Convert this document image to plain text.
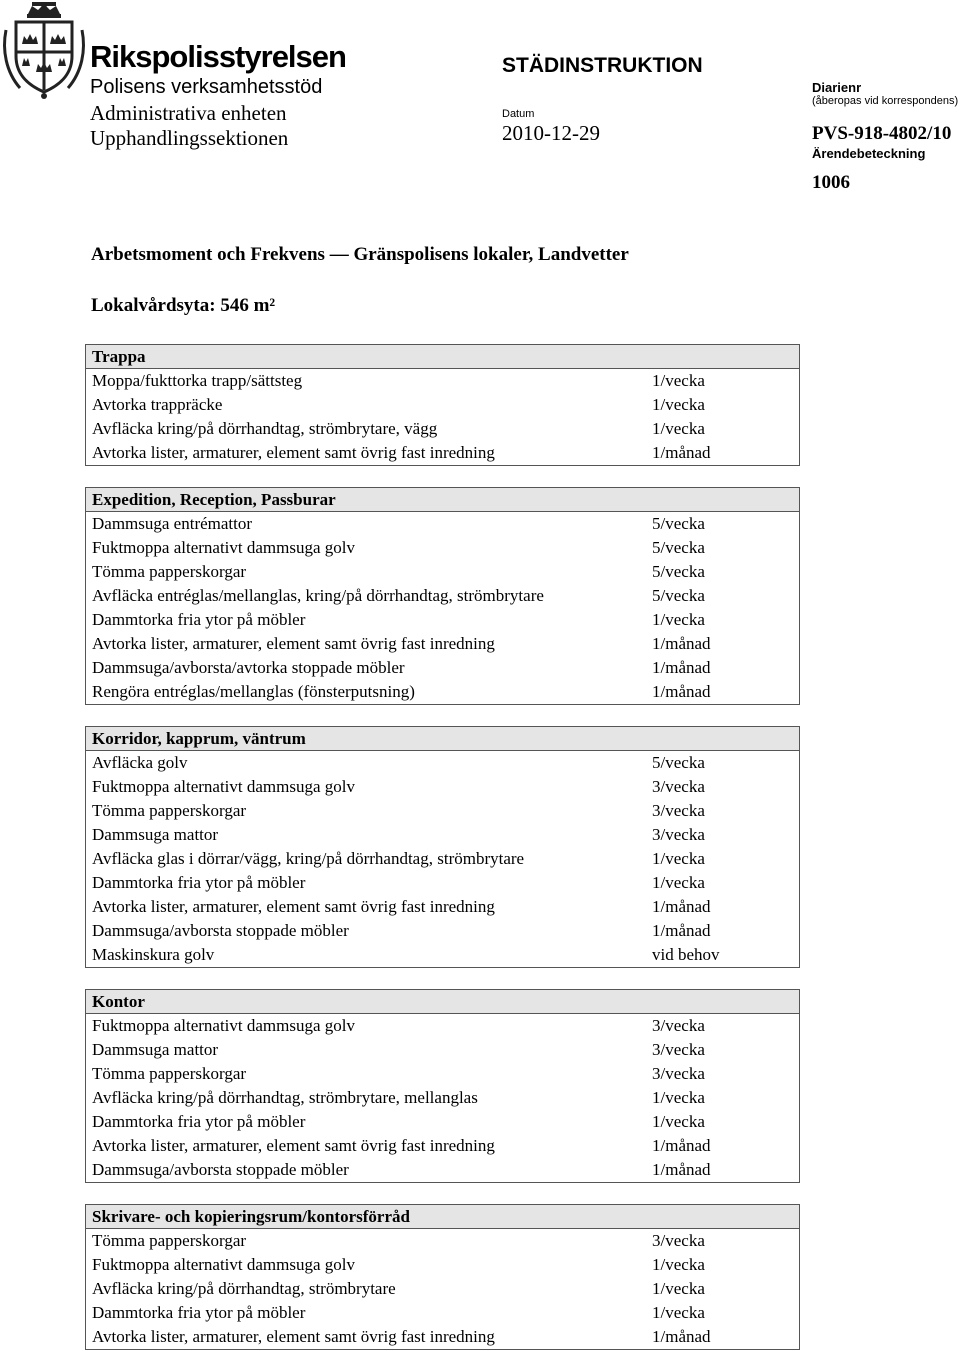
Rikspolisstyrelsen
Polisens verksamhetsstöd
Administrativa enheten
Upphandlingssektionen
STÄDINSTRUKTION
Datum
2010-12-29
Diarienr
(åberopas vid korrespondens)
PVS-918-4802/10
Ärendebeteckning
1006
Arbetsmoment och Frekvens — Gränspolisens lokaler, Landvetter
Lokalvårdsyta: 546 m²
Trappa
Moppa/fukttorka trapp/sättsteg	1/vecka
Avtorka trappräcke	1/vecka
Avfläcka kring/på dörrhandtag, strömbrytare, vägg	1/vecka
Avtorka lister, armaturer, element samt övrig fast inredning	1/månad
Expedition, Reception, Passburar
Dammsuga entrémattor	5/vecka
Fuktmoppa alternativt dammsuga golv	5/vecka
Tömma papperskorgar	5/vecka
Avfläcka entréglas/mellanglas, kring/på dörrhandtag, strömbrytare	5/vecka
Dammtorka fria ytor på möbler	1/vecka
Avtorka lister, armaturer, element samt övrig fast inredning	1/månad
Dammsuga/avborsta/avtorka stoppade möbler	1/månad
Rengöra entréglas/mellanglas (fönsterputsning)	1/månad
Korridor, kapprum, väntrum
Avfläcka golv	5/vecka
Fuktmoppa alternativt dammsuga golv	3/vecka
Tömma papperskorgar	3/vecka
Dammsuga mattor	3/vecka
Avfläcka glas i dörrar/vägg, kring/på dörrhandtag, strömbrytare	1/vecka
Dammtorka fria ytor på möbler	1/vecka
Avtorka lister, armaturer, element samt övrig fast inredning	1/månad
Dammsuga/avborsta stoppade möbler	1/månad
Maskinskura golv	vid behov
Kontor
Fuktmoppa alternativt dammsuga golv	3/vecka
Dammsuga mattor	3/vecka
Tömma papperskorgar	3/vecka
Avfläcka kring/på dörrhandtag, strömbrytare, mellanglas	1/vecka
Dammtorka fria ytor på möbler	1/vecka
Avtorka lister, armaturer, element samt övrig fast inredning	1/månad
Dammsuga/avborsta stoppade möbler	1/månad
Skrivare- och kopieringsrum/kontorsförråd
Tömma papperskorgar	3/vecka
Fuktmoppa alternativt dammsuga golv	1/vecka
Avfläcka kring/på dörrhandtag, strömbrytare	1/vecka
Dammtorka fria ytor på möbler	1/vecka
Avtorka lister, armaturer, element samt övrig fast inredning	1/månad
